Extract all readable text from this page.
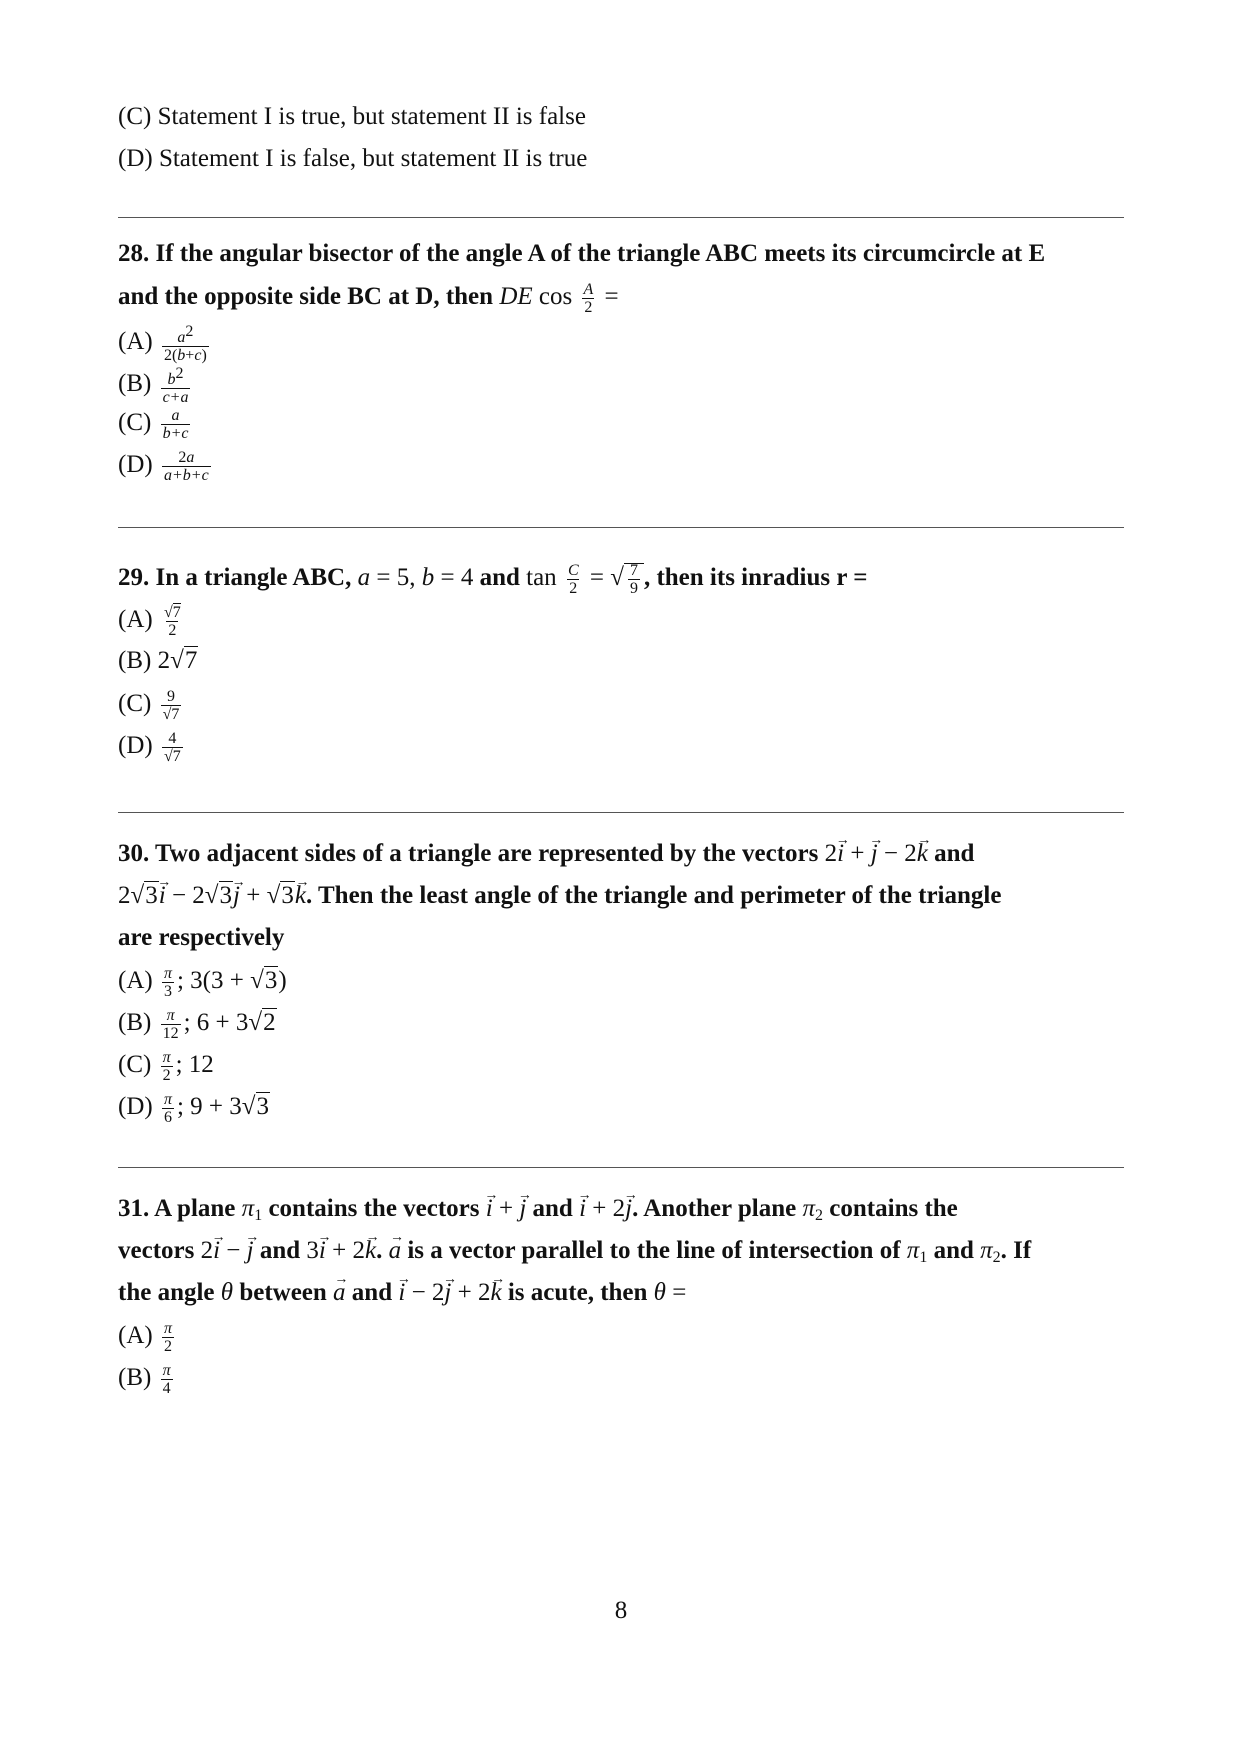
(C) Statement I is true, but statement II is false
(D) Statement I is false, but statement II is true
28. If the angular bisector of the angle A of the triangle ABC meets its circumcircle at E
and the opposite side BC at D, then DE $\cos \frac{A}{2}$ =
$(A) \frac{a2}{2(b+c)}$
$(B) \frac{b2}{c+a}$
$(C) \frac{a}{b+c}$
$(D) \frac{2a}{a+b+c}$
29. In a triangle ABC, a = 5, b = 4 and $\tan \frac{C}{2}$ = √ $\frac{7}{9}$ , then its inradius r =
$(A) \frac{√7}{2}$
(B) 2√7
$(C) \frac{9}{√7}$
$(D) \frac{4}{√7}$
30. Two adjacent sides of a triangle are represented by the vectors 2i → + j → − 2k → and
2√3i → − 2√3j → + √3k →. Then the least angle of the triangle and perimeter of the triangle
are respectively
$(A) \frac{\pi}{3}$ ; 3(3 + √3)
$(B) \frac{\pi}{12}$ ; 6 + 3√2
$(C) \frac{\pi}{2}$ ; 12
$(D) \frac{\pi}{6}$ ; 9 + 3√3
31. A plane $\pi_1$ contains the vectors i → + j → and i → + 2j →. Another plane $\pi_2$ contains the
vectors 2i → − j → and 3i → + 2k →. a → is a vector parallel to the line of intersection of $\pi_1$ and $\pi_2$. If
the angle θ between a → and i → − 2j → + 2k → is acute, then θ =
$(A) \frac{\pi}{2}$
$(B) \frac{\pi}{4}$
8
